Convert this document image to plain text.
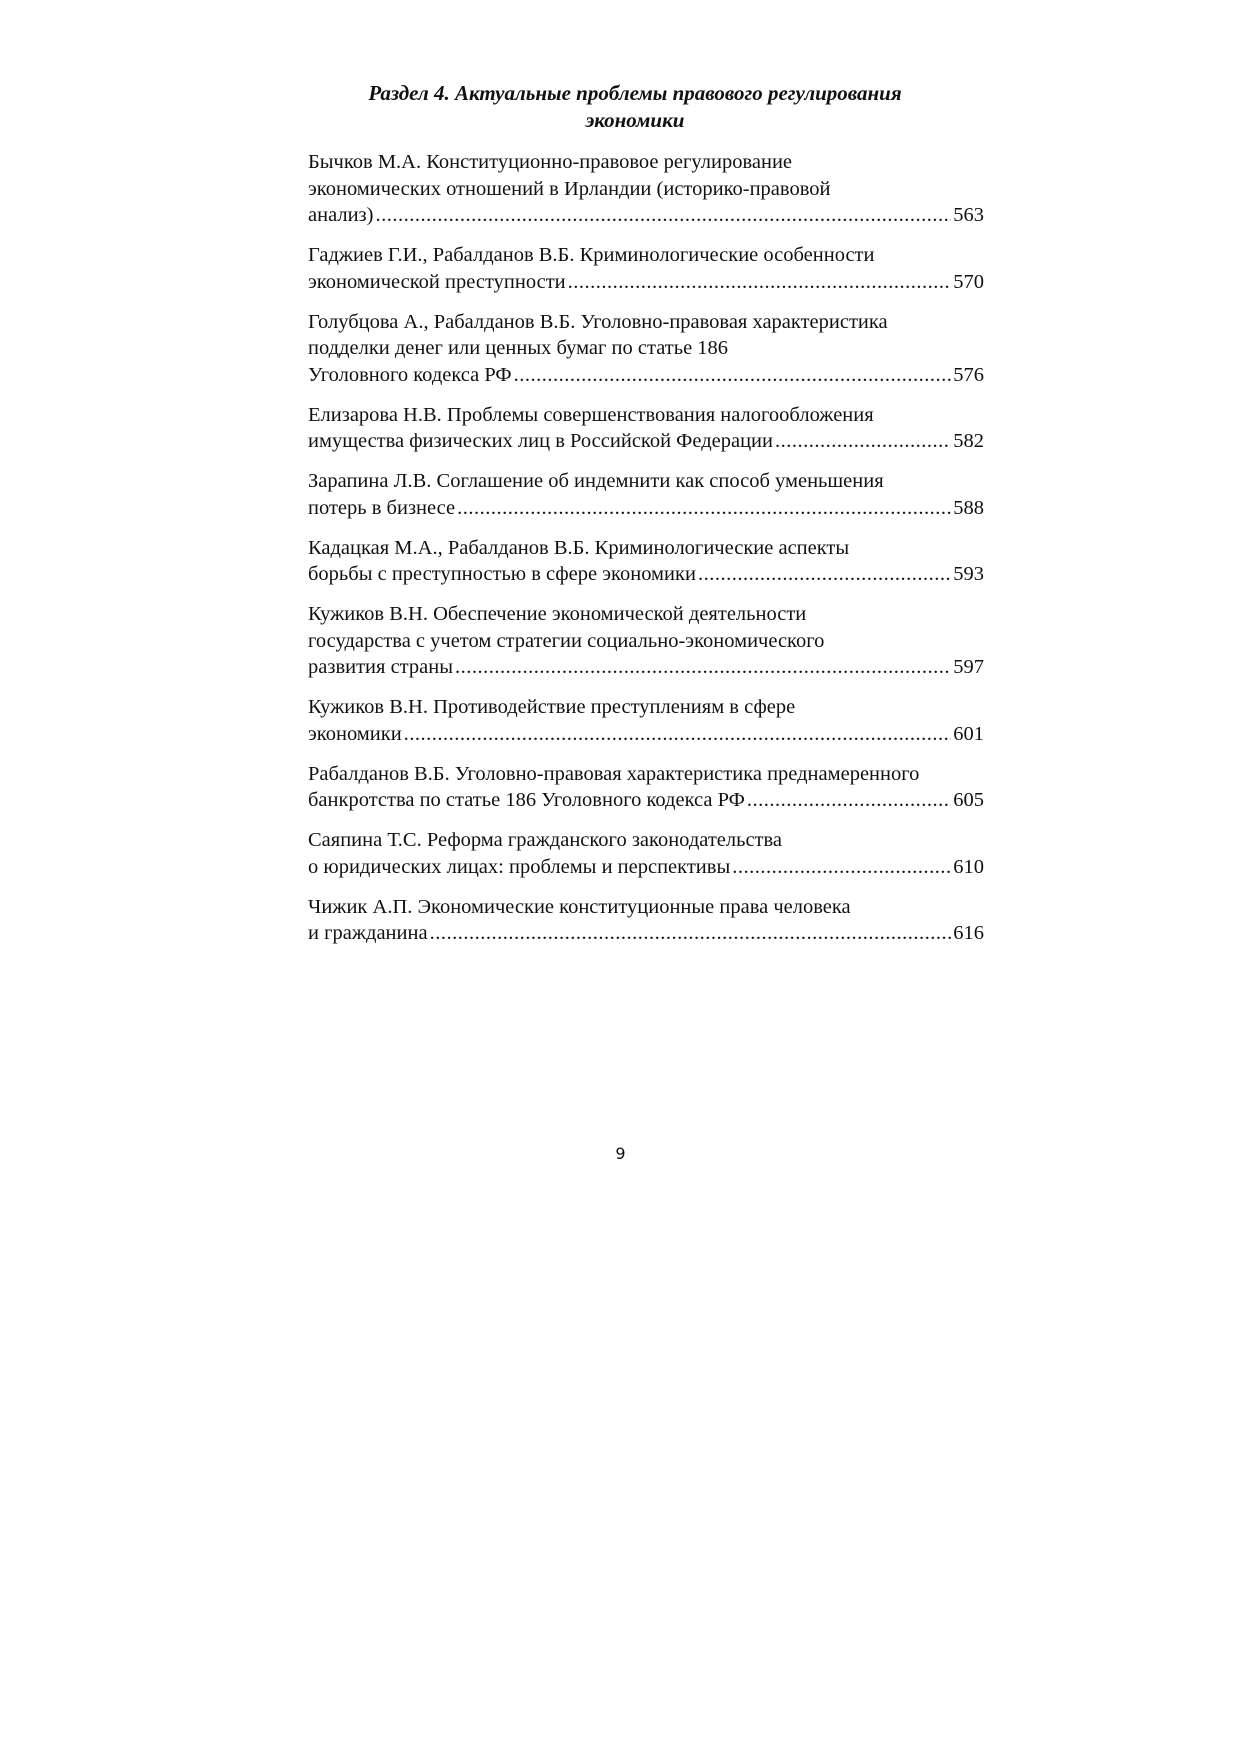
Раздел 4. Актуальные проблемы правового регулирования
экономики
Бычков М.А. Конституционно-правовое регулирование
экономических отношений в Ирландии (историко-правовой
анализ) .....	563
Гаджиев Г.И., Рабалданов В.Б. Криминологические особенности
экономической преступности .....	570
Голубцова А., Рабалданов В.Б. Уголовно-правовая характеристика
подделки денег или ценных бумаг по статье 186
Уголовного кодекса РФ .....	576
Елизарова Н.В. Проблемы совершенствования налогообложения
имущества физических лиц в Российской Федерации .....	582
Зарапина Л.В. Соглашение об индемнити как способ уменьшения
потерь в бизнесе .....	588
Кадацкая М.А., Рабалданов В.Б. Криминологические аспекты
борьбы с преступностью в сфере экономики .....	593
Кужиков В.Н. Обеспечение экономической деятельности
государства с учетом стратегии социально-экономического
развития страны .....	597
Кужиков В.Н. Противодействие преступлениям в сфере
экономики .....	601
Рабалданов В.Б. Уголовно-правовая характеристика преднамеренного
банкротства по статье 186 Уголовного кодекса РФ .....	605
Саяпина Т.С. Реформа гражданского законодательства
о юридических лицах: проблемы и перспективы .....	610
Чижик А.П. Экономические конституционные права человека
и гражданина .....	616
9
